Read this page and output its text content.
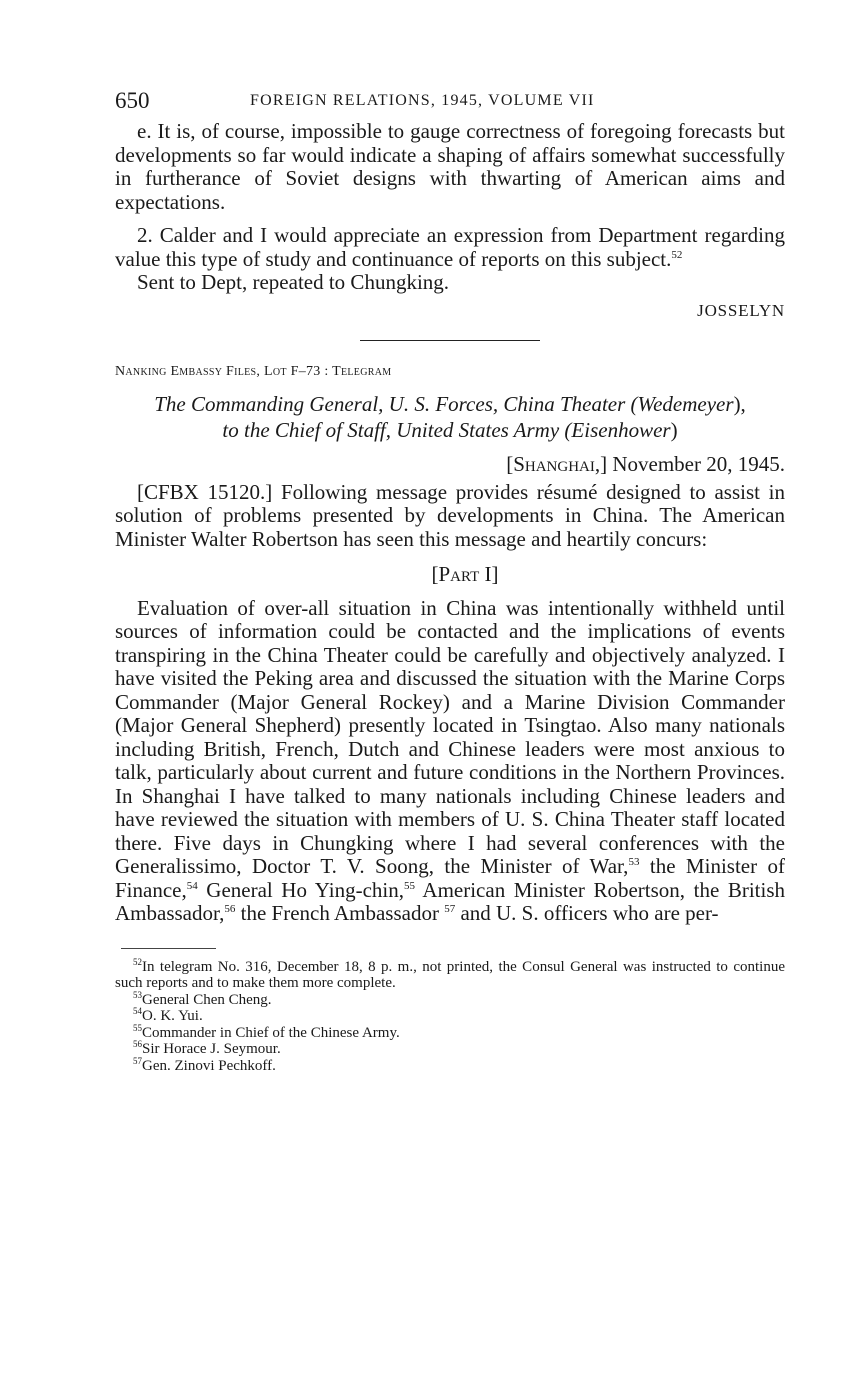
650	FOREIGN RELATIONS, 1945, VOLUME VII

e. It is, of course, impossible to gauge correctness of foregoing forecasts but developments so far would indicate a shaping of affairs somewhat successfully in furtherance of Soviet designs with thwarting of American aims and expectations.

2. Calder and I would appreciate an expression from Department regarding value this type of study and continuance of reports on this subject.$^{52}$

Sent to Dept, repeated to Chungking.

JOSSELYN

Nanking Embassy Files, Lot F–73 : Telegram

The Commanding General, U. S. Forces, China Theater (Wedemeyer),
to the Chief of Staff, United States Army (Eisenhower)

[Shanghai,] November 20, 1945.

[CFBX 15120.] Following message provides résumé designed to assist in solution of problems presented by developments in China. The American Minister Walter Robertson has seen this message and heartily concurs:

[Part I]

Evaluation of over-all situation in China was intentionally withheld until sources of information could be contacted and the implications of events transpiring in the China Theater could be carefully and objectively analyzed. I have visited the Peking area and discussed the situation with the Marine Corps Commander (Major General Rockey) and a Marine Division Commander (Major General Shepherd) presently located in Tsingtao. Also many nationals including British, French, Dutch and Chinese leaders were most anxious to talk, particularly about current and future conditions in the Northern Provinces. In Shanghai I have talked to many nationals including Chinese leaders and have reviewed the situation with members of U. S. China Theater staff located there. Five days in Chungking where I had several conferences with the Generalissimo, Doctor T. V. Soong, the Minister of War,$^{53}$ the Minister of Finance,$^{54}$ General Ho Ying-chin,$^{55}$ American Minister Robertson, the British Ambassador,$^{56}$ the French Ambassador $^{57}$ and U. S. officers who are per-

$^{52}$In telegram No. 316, December 18, 8 p. m., not printed, the Consul General was instructed to continue such reports and to make them more complete.

$^{53}$General Chen Cheng.

$^{54}$O. K. Yui.

$^{55}$Commander in Chief of the Chinese Army.

$^{56}$Sir Horace J. Seymour.

$^{57}$Gen. Zinovi Pechkoff.
